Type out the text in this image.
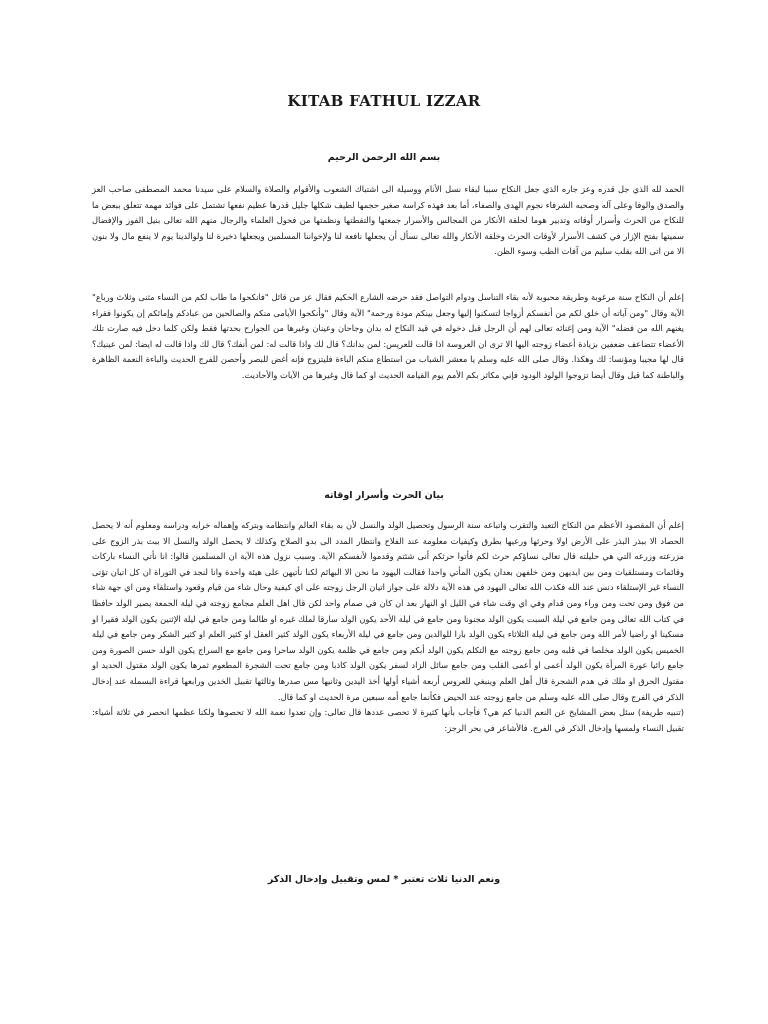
KITAB FATHUL IZZAR
بسم الله الرحمن الرحيم

الحمد لله الذي جل قدره وعز جاره الذي جعل النكاح سببا لبقاء نسل الأنام ووسيلة الى اشتباك الشعوب والأقوام والصلاة والسلام على سيدنا محمد المصطفى صاحب العز والصدق والوفا وعلى آله وصحبه الشرفاء نجوم الهدى والصفاء، أما بعد فهذه كراسة صغير حجمها لطيف شكلها جليل قدرها عظيم نفعها تشتمل على فوائد مهمة تتعلق ببعض ما للنكاح من الحرث وأسرار أوقاته وتدبير هوما لحلقة الأنكار من المجالس والأسرار جمعتها والتقطتها ونظمتها من فحول العلماء والرجال منهم الله تعالى بنيل الفوز والإفضال سميتها بفتح الإزار في كشف الأسرار لأوقات الحرث وخلقة الأنكار والله تعالى نسأل أن يجعلها نافعة لنا ولإخواننا المسلمين ويجعلها ذخيرة لنا ولوالدينا يوم لا ينفع مال ولا بنون الا من اتى الله بقلب سليم من آفات الطب وسوء الظن.

إعلم أن النكاح سنة مرغوبة وطريقة محبوبة لأنه بقاء التناسل ودوام التواصل فقد حرضه الشارع الحكيم فقال عز من قائل "فانكحوا ما طاب لكم من النساء مثنى وثلاث ورباع" الآية وقال "ومن آياته أن خلق لكم من أنفسكم أزواجا لتسكنوا إليها وجعل بينكم مودة ورحمة" الآية وقال "وأنكحوا الأيامى منكم والصالحين من عبادكم وإمائكم إن يكونوا فقراء يغنهم الله من فضله" الآية ومن إغنائه تعالى لهم أن الرجل قبل دخوله في قيد النكاح له بدان وجاحان وعينان وغيرها من الجوارح بحدتها فقط ولكن كلما دخل فيه صارت تلك الأعضاء تتضاعف ضعفين بزيادة أعضاء زوجته اليها الا ترى ان العروسة اذا قالت للعريس: لمن بدانك؟ قال لك واذا قالت له: لمن أنفك؟ قال لك واذا قالت له ايضا: لمن عينيك؟ قال لها مجيبا ومؤنسا: لك وهكذا. وقال صلى الله عليه وسلم يا معشر الشباب من استطاع منكم الباءة فليتزوج فإنه أغض للبصر وأحصن للفرج الحديث والباءة النعمة الظاهرة والباطنة كما قيل وقال أيضا تزوجوا الولود الودود فإني مكاثر بكم الأمم يوم القيامة الحديث او كما قال وغيرها من الآيات والأحاديث.

بيان الحرث وأسرار اوقاته

إعلم أن المقصود الأعظم من النكاح التعبد والتقرب واتباعه سنة الرسول وتحصيل الولد والنسل لأن به بقاء العالم وانتظامه وبتركه وإهماله خرابه ودراسه ومعلوم أنه لا يحصل الحصاد الا ببذر البذر على الأرض اولا وحرثها ورعيها بطرق وكيفيات معلومة عند الفلاح وانتظار المدد الى بدو الصلاح وكذلك لا يحصل الولد والنسل الا ببث بذر الزوج على مزرعته وزرعه التي هي حليلته قال تعالى نساؤكم حرث لكم فأتوا حرثكم أنى شئتم وقدموا لأنفسكم الآية. وسبب نزول هذه الآية ان المسلمين قالوا: انا نأتي النساء باركات وقائمات ومستلقيات ومن بين ايديهن ومن خلفهن بعدان يكون المأتي واحدا فقالت اليهود ما نحن الا البهائم لكنا نأتيهن على هيئة واحدة وانا لنجد في التوراة ان كل اتيان تؤتى النساء غير الإستلقاء دنس عند الله فكذب الله تعالى اليهود في هذه الآية دلالة على جواز اتيان الرجل زوجته على اي كيفية وحال شاء من قيام وقعود واستلقاء ومن اي جهة شاء من فوق ومن تحت ومن وراء ومن قدام وفي اي وقت شاء في الليل او النهار بعد ان كان في صمام واحد لكن قال اهل العلم مجامع زوجته في ليلة الجمعة يصير الولد حافظا في كتاب الله تعالى ومن جامع في ليلة السبت يكون الولد مجنونا ومن جامع في ليلة الأحد يكون الولد سارقا لملك غيره او ظالما ومن جامع في ليلة الإثنين يكون الولد فقيرا او مسكينا او راضيا لأمر الله ومن جامع في ليلة الثلاثاء يكون الولد بارا للوالدين ومن جامع في ليلة الأربعاء يكون الولد كثير العقل او كثير العلم او كثير الشكر ومن جامع في ليلة الخميس يكون الولد مخلصا في قلبه ومن جامع زوجته مع التكلم يكون الولد أبكم ومن جامع في ظلمة يكون الولد ساحرا ومن جامع مع السراج يكون الولد حسن الصورة ومن جامع رائيا عورة المرأة يكون الولد أعمى او أعمى القلب ومن جامع سائل الزاد لسفر يكون الولد كاذبا ومن جامع تحت الشجرة المطعوم ثمرها يكون الولد مقتول الحديد او مقتول الحرق او ملك في هدم الشجرة قال أهل العلم وينبغي للعروس أربعة أشياء أولها أخذ اليدين وثانيها مس صدرها وثالثها تقبيل الخدين ورابعها قراءة البسملة عند إدخال الذكر في الفرج وقال صلى الله عليه وسلم من جامع زوجته عند الحيض فكأنما جامع أمه سبعين مرة الحديث او كما قال.

(تنبيه طريفة) سئل بعض المشايخ عن النعم الدنيا كم هي؟ فأجاب بأنها كثيرة لا تحصى عددها قال تعالى: وإن تعدوا نعمة الله لا تحصوها ولكنا عظمها انحصر في ثلاثة أشياء: تقبيل النساء ولمسها وإدخال الذكر في الفرج. فالأشاعر في بحر الرجز:

ونعم الدنيا ثلاث تعتبر * لمس وتقبيل وإدخال الذكر
